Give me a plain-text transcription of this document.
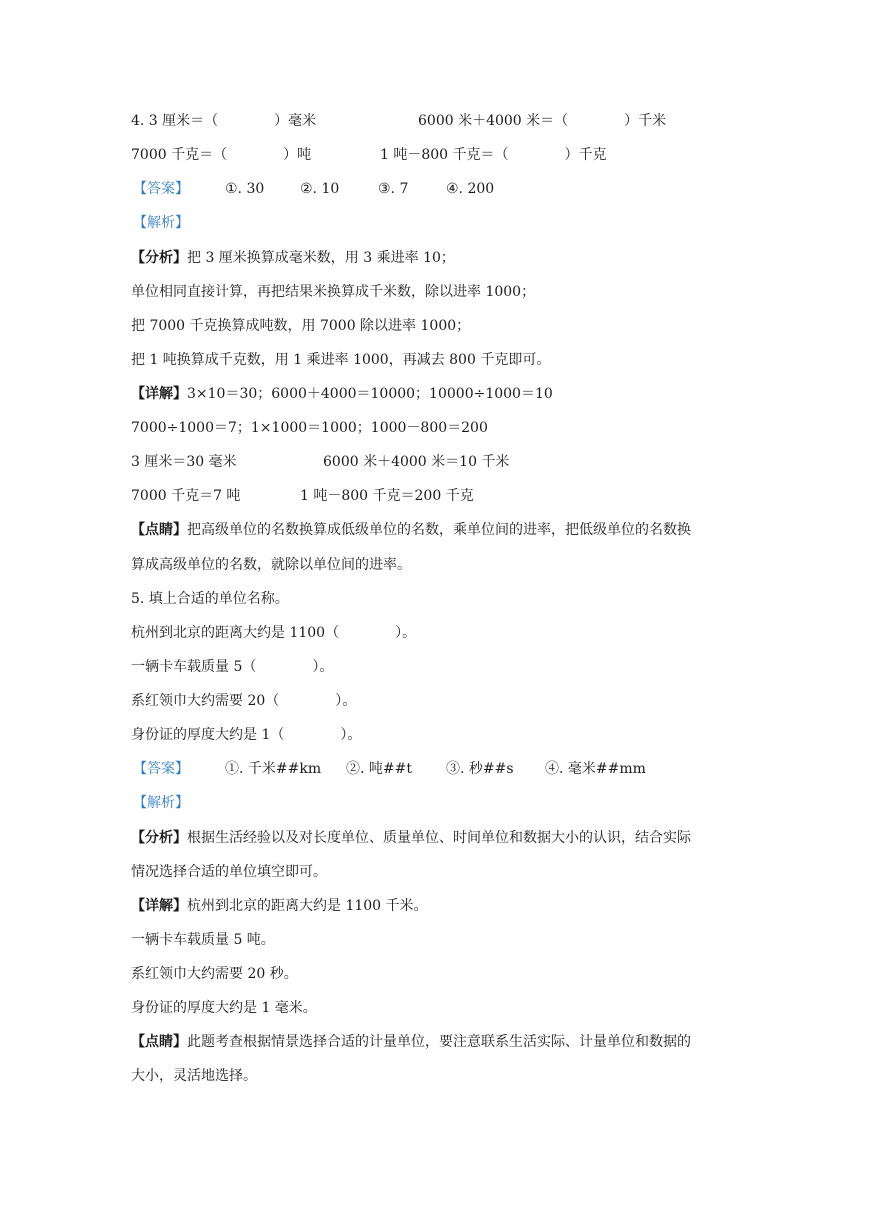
4. 3 厘米＝（　　　　）毫米	6000 米＋4000 米＝（　　　　）千米
7000 千克＝（　　　　）吨	1 吨－800 千克＝（　　　　）千克
【答案】	①. 30	②. 10	③. 7	④. 200
【解析】
【分析】把 3 厘米换算成毫米数，用 3 乘进率 10；
单位相同直接计算，再把结果米换算成千米数，除以进率 1000；
把 7000 千克换算成吨数，用 7000 除以进率 1000；
把 1 吨换算成千克数，用 1 乘进率 1000，再减去 800 千克即可。
【详解】3×10＝30；6000＋4000＝10000；10000÷1000＝10
7000÷1000＝7；1×1000＝1000；1000－800＝200
3 厘米＝30 毫米	6000 米＋4000 米＝10 千米
7000 千克＝7 吨	1 吨－800 千克＝200 千克
【点睛】把高级单位的名数换算成低级单位的名数，乘单位间的进率，把低级单位的名数换
算成高级单位的名数，就除以单位间的进率。
5. 填上合适的单位名称。
杭州到北京的距离大约是 1100（　　　　）。
一辆卡车载质量 5（　　　　）。
系红领巾大约需要 20（　　　　）。
身份证的厚度大约是 1（　　　　）。
【答案】	①. 千米##km ②. 吨##t ③. 秒##s ④. 毫米##mm
【解析】
【分析】根据生活经验以及对长度单位、质量单位、时间单位和数据大小的认识，结合实际
情况选择合适的单位填空即可。
【详解】杭州到北京的距离大约是 1100 千米。
一辆卡车载质量 5 吨。
系红领巾大约需要 20 秒。
身份证的厚度大约是 1 毫米。
【点睛】此题考查根据情景选择合适的计量单位，要注意联系生活实际、计量单位和数据的
大小，灵活地选择。
